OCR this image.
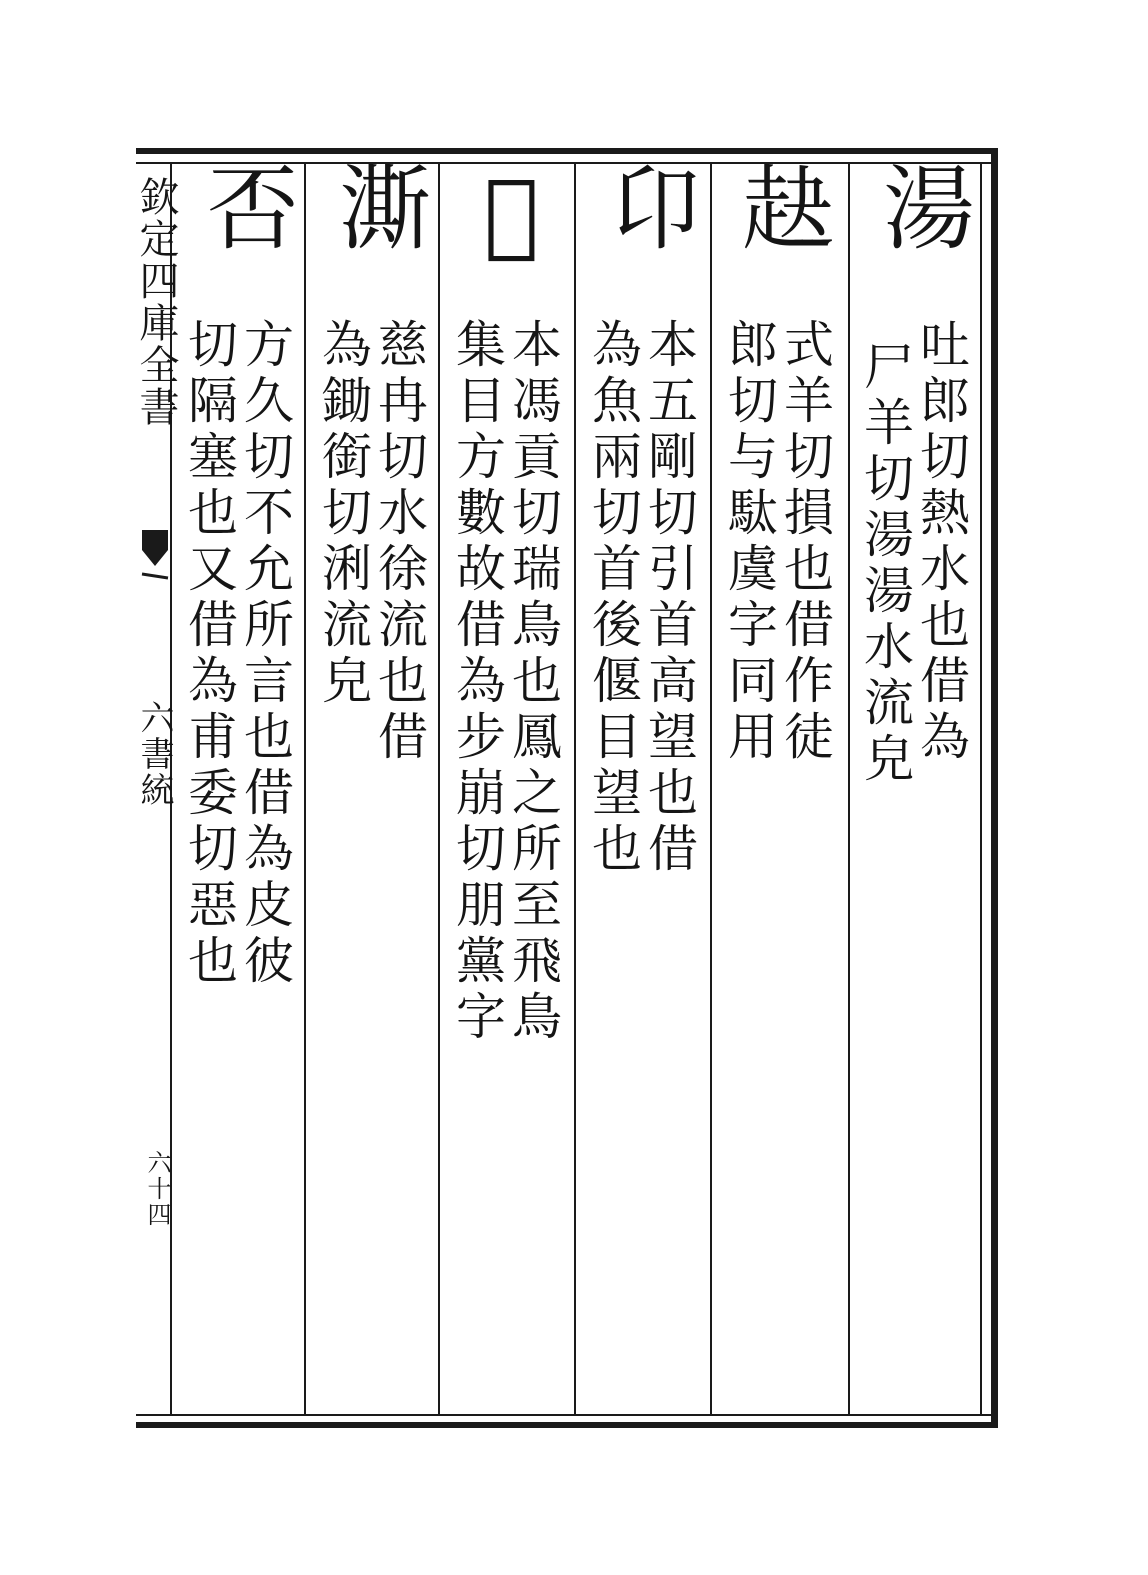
欽定四庫全書
六書統
六十四
湯
吐郎切熱水也借為
尸羊切湯湯水流皃
赽
式羊切損也借作徒
郎切与駄虞字同用
卬
本五剛切引首高望也借
為魚兩切首後偃目望也
𪆥
本馮貢切瑞鳥也鳳之所至飛鳥
集目方數故借為步崩切朋黨字
澌
慈冉切水徐流也借
為鋤銜切浰流皃
否
方久切不允所言也借為皮彼
切隔塞也又借為甫委切惡也
